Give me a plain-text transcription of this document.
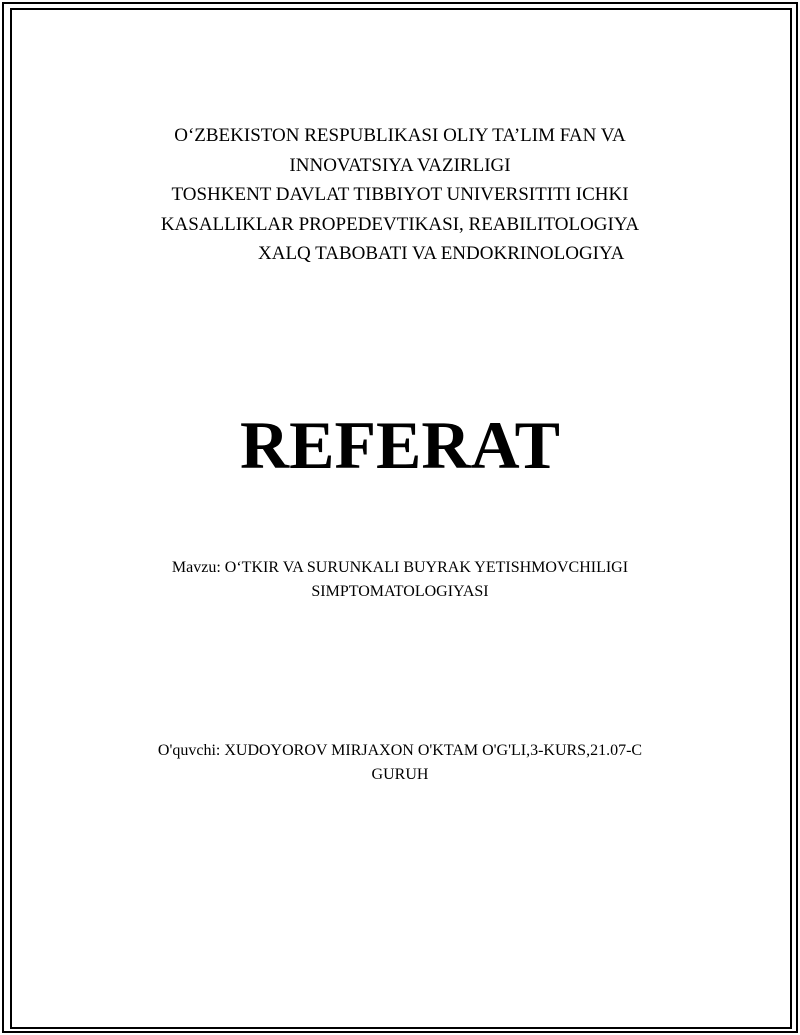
O‘ZBEKISTON RESPUBLIKASI OLIY TA’LIM FAN VA
INNOVATSIYA VAZIRLIGI
TOSHKENT DAVLAT TIBBIYOT UNIVERSITITI ICHKI
KASALLIKLAR PROPEDEVTIKASI, REABILITOLOGIYA
XALQ TABOBATI VA ENDOKRINOLOGIYA
REFERAT
Mavzu: O‘TKIR VA SURUNKALI BUYRAK YETISHMOVCHILIGI
SIMPTOMATOLOGIYASI
O'quvchi: XUDOYOROV MIRJAXON O'KTAM O'G'LI,3-KURS,21.07-C
GURUH
